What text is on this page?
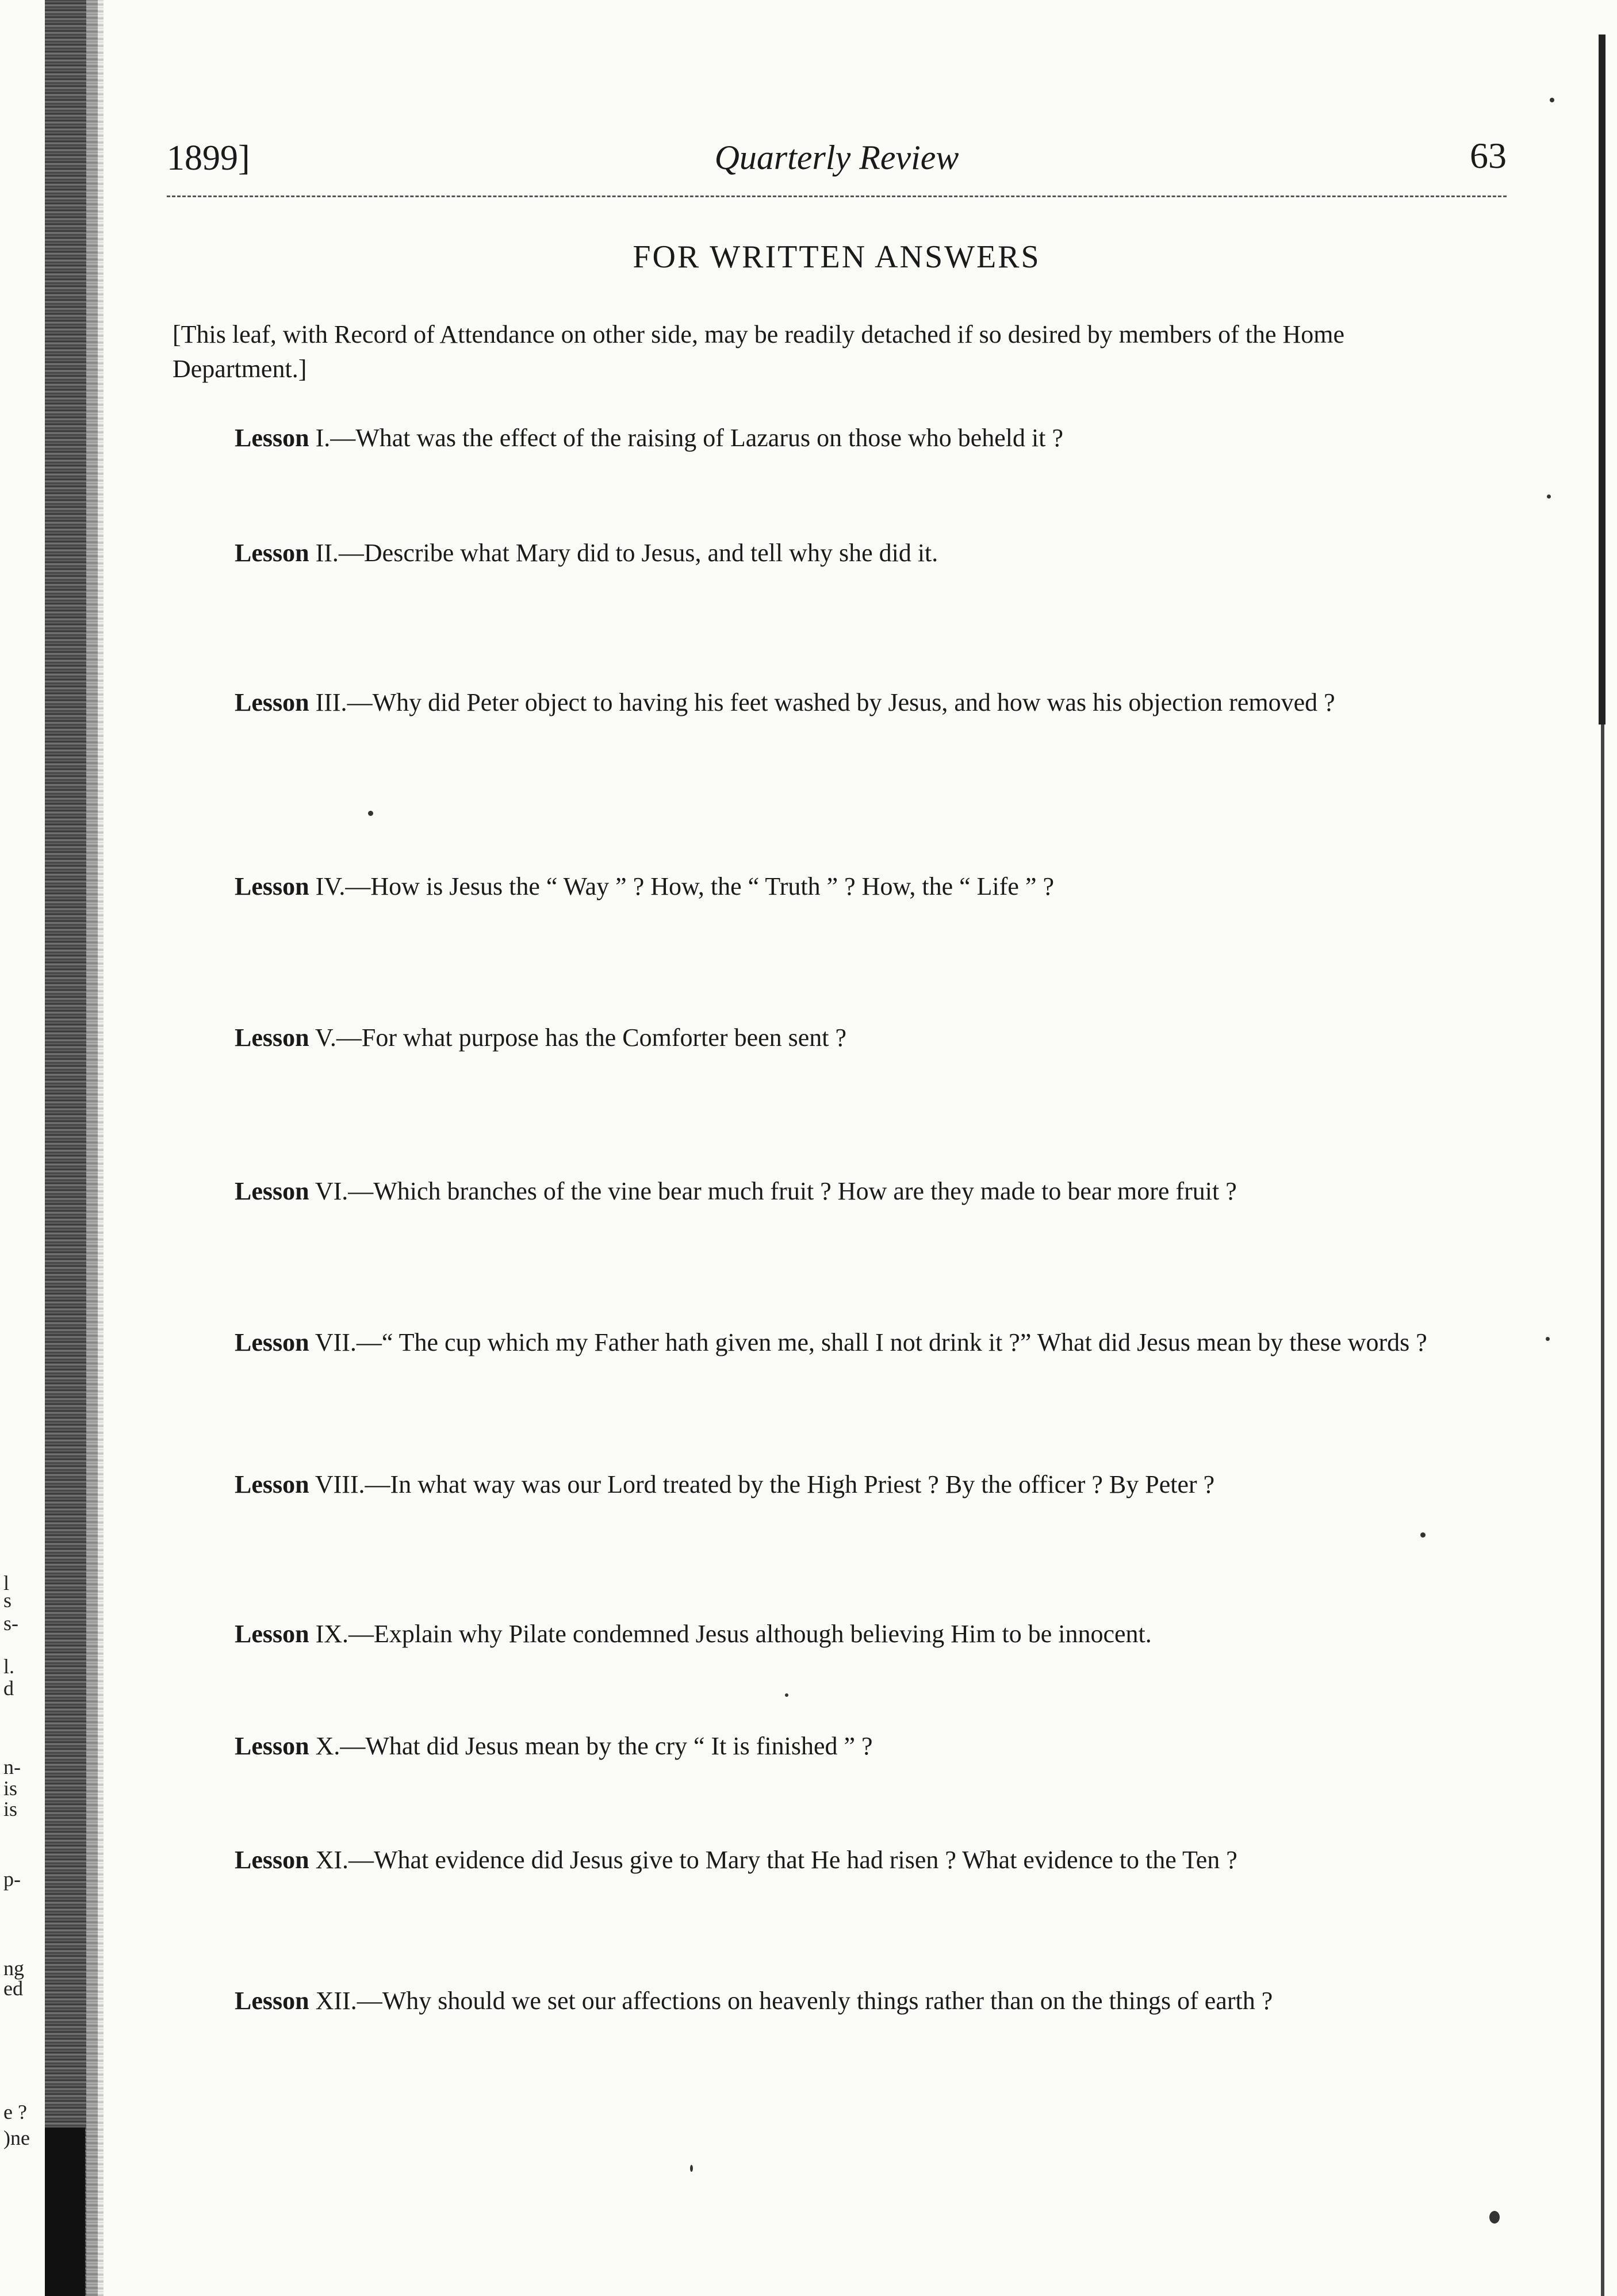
l
s
s-
l.
d
n-
is
is
p-
ng
ed
e ?
)ne
1899]	Quarterly Review	63
FOR WRITTEN ANSWERS
[This leaf, with Record of Attendance on other side, may be readily detached if so desired by members of the Home Department.]
Lesson I.—What was the effect of the raising of Lazarus on those who beheld it ?
Lesson II.—Describe what Mary did to Jesus, and tell why she did it.
Lesson III.—Why did Peter object to having his feet washed by Jesus, and how was his objection removed ?
Lesson IV.—How is Jesus the “ Way ” ? How, the “ Truth ” ? How, the “ Life ” ?
Lesson V.—For what purpose has the Comforter been sent ?
Lesson VI.—Which branches of the vine bear much fruit ? How are they made to bear more fruit ?
Lesson VII.—“ The cup which my Father hath given me, shall I not drink it ?” What did Jesus mean by these words ?
Lesson VIII.—In what way was our Lord treated by the High Priest ? By the officer ? By Peter ?
Lesson IX.—Explain why Pilate condemned Jesus although believing Him to be innocent.
Lesson X.—What did Jesus mean by the cry “ It is finished ” ?
Lesson XI.—What evidence did Jesus give to Mary that He had risen ? What evidence to the Ten ?
Lesson XII.—Why should we set our affections on heavenly things rather than on the things of earth ?
